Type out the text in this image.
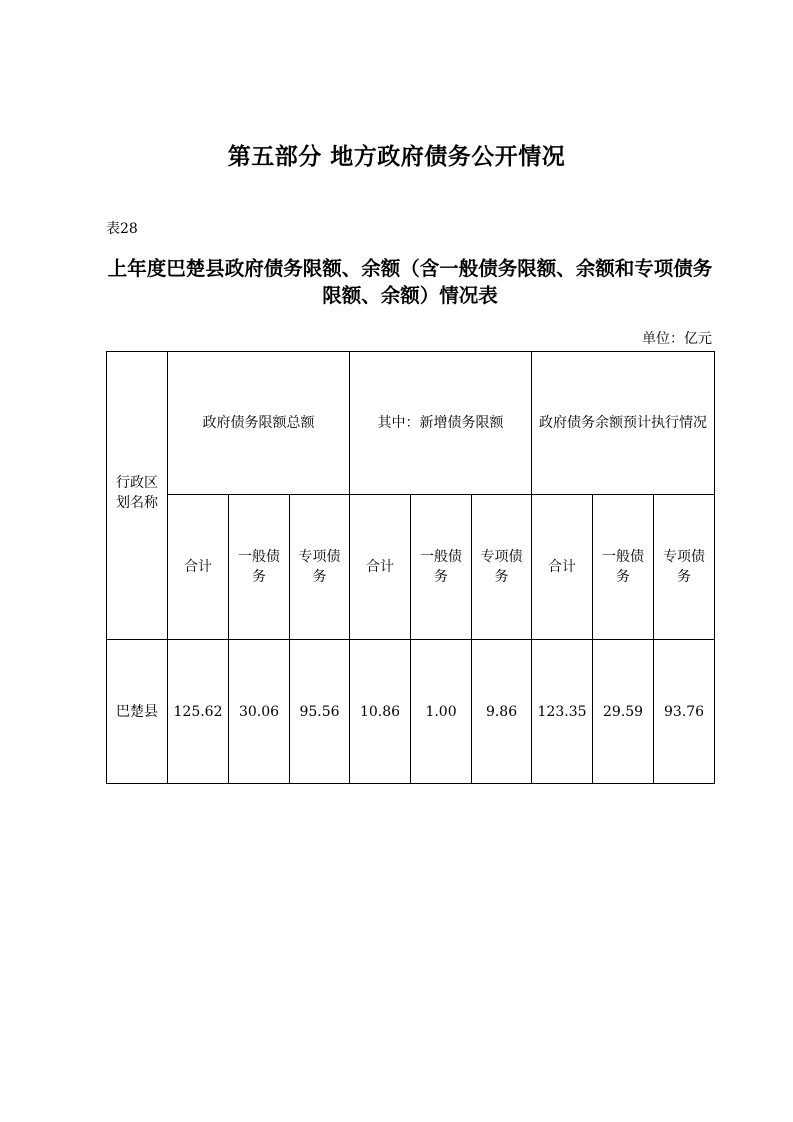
第五部分 地方政府债务公开情况
表28
上年度巴楚县政府债务限额、余额（含一般债务限额、余额和专项债务限额、余额）情况表
单位：亿元
行政区划名称	政府债务限额总额			其中：新增债务限额			政府债务余额预计执行情况		
	合计	一般债务	专项债务	合计	一般债务	专项债务	合计	一般债务	专项债务
巴楚县	125.62	30.06	95.56	10.86	1.00	9.86	123.35	29.59	93.76
